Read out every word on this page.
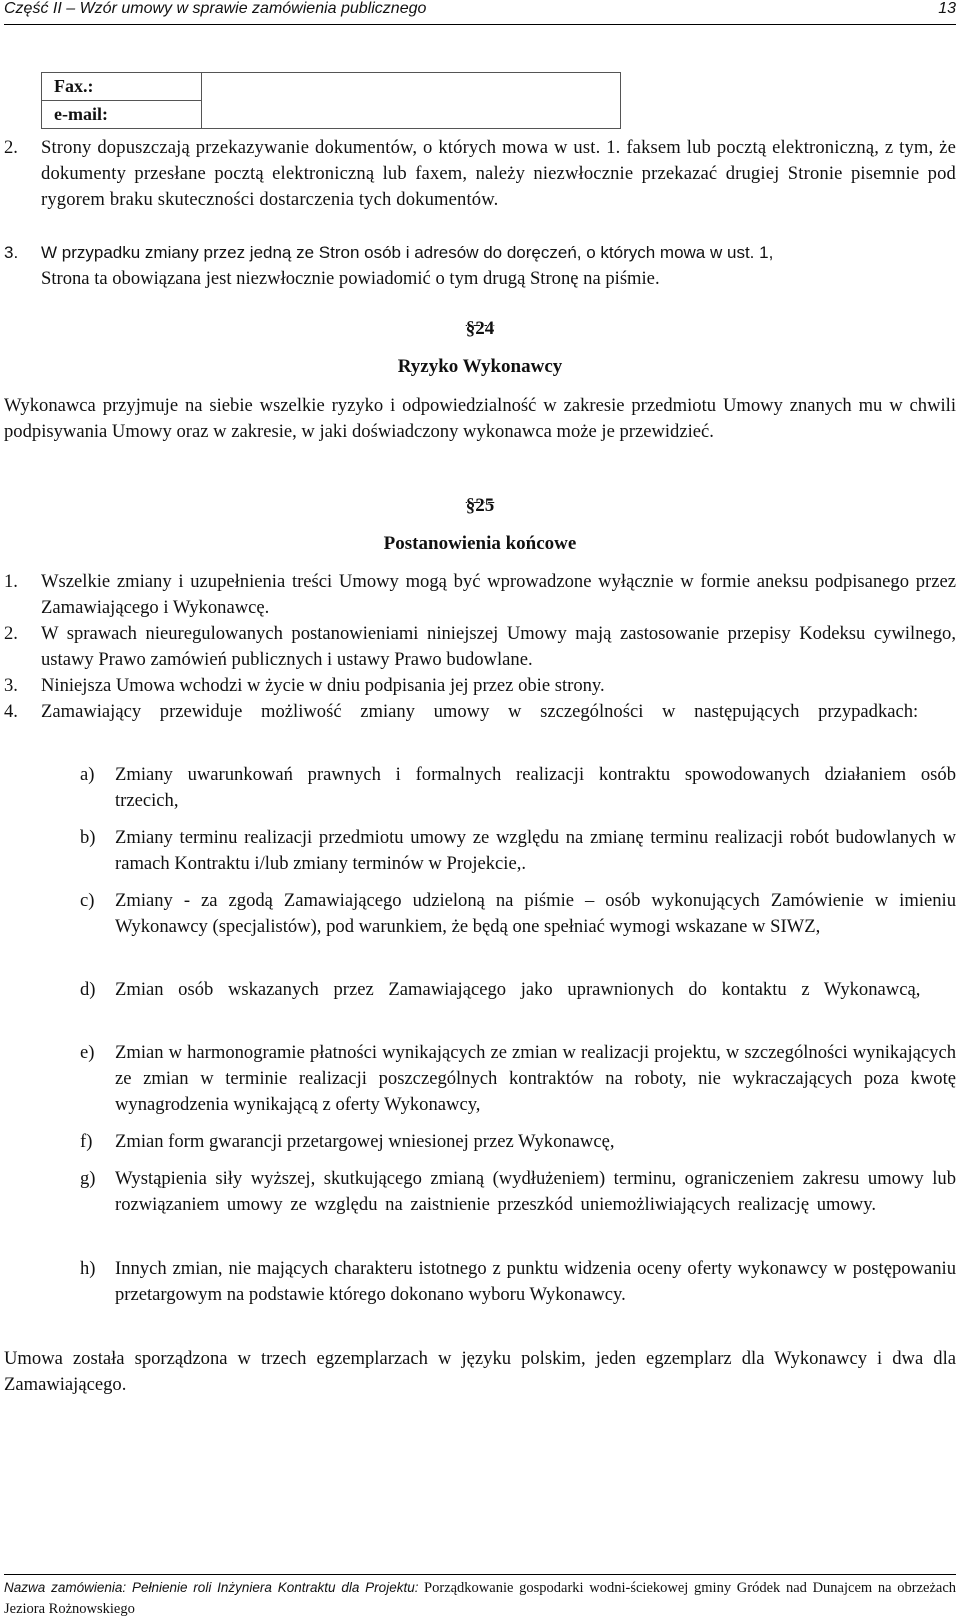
Część II – Wzór umowy w sprawie zamówienia publicznego	13
Fax.:	
e-mail:
2. Strony dopuszczają przekazywanie dokumentów, o których mowa w ust. 1. faksem lub pocztą elektroniczną, z tym, że dokumenty przesłane pocztą elektroniczną lub faxem, należy niezwłocznie przekazać drugiej Stronie pisemnie pod rygorem braku skuteczności dostarczenia tych dokumentów.
3. W przypadku zmiany przez jedną ze Stron osób i adresów do doręczeń, o których mowa w ust. 1,
Strona ta obowiązana jest niezwłocznie powiadomić o tym drugą Stronę na piśmie.
§24
Ryzyko Wykonawcy
Wykonawca przyjmuje na siebie wszelkie ryzyko i odpowiedzialność w zakresie przedmiotu Umowy znanych mu w chwili podpisywania Umowy oraz w zakresie, w jaki doświadczony wykonawca może je przewidzieć.
§25
Postanowienia końcowe
1. Wszelkie zmiany i uzupełnienia treści Umowy mogą być wprowadzone wyłącznie w formie aneksu podpisanego przez Zamawiającego i Wykonawcę.
2. W sprawach nieuregulowanych postanowieniami niniejszej Umowy mają zastosowanie przepisy Kodeksu cywilnego, ustawy Prawo zamówień publicznych i ustawy Prawo budowlane.
3. Niniejsza Umowa wchodzi w życie w dniu podpisania jej przez obie strony.
4. Zamawiający przewiduje możliwość zmiany umowy w szczególności w następujących przypadkach:
a) Zmiany uwarunkowań prawnych i formalnych realizacji kontraktu spowodowanych działaniem osób trzecich,
b) Zmiany terminu realizacji przedmiotu umowy ze względu na zmianę terminu realizacji robót budowlanych w ramach Kontraktu i/lub zmiany terminów w Projekcie,.
c) Zmiany - za zgodą Zamawiającego udzieloną na piśmie – osób wykonujących Zamówienie w imieniu Wykonawcy (specjalistów), pod warunkiem, że będą one spełniać wymogi wskazane w SIWZ,
d) Zmian osób wskazanych przez Zamawiającego jako uprawnionych do kontaktu z Wykonawcą,
e) Zmian w harmonogramie płatności wynikających ze zmian w realizacji projektu, w szczególności wynikających ze zmian w terminie realizacji poszczególnych kontraktów na roboty, nie wykraczających poza kwotę wynagrodzenia wynikającą z oferty Wykonawcy,
f) Zmian form gwarancji przetargowej wniesionej przez Wykonawcę,
g) Wystąpienia siły wyższej, skutkującego zmianą (wydłużeniem) terminu, ograniczeniem zakresu umowy lub rozwiązaniem umowy ze względu na zaistnienie przeszkód uniemożliwiających realizację umowy.
h) Innych zmian, nie mających charakteru istotnego z punktu widzenia oceny oferty wykonawcy w postępowaniu przetargowym na podstawie którego dokonano wyboru Wykonawcy.
Umowa została sporządzona w trzech egzemplarzach w języku polskim, jeden egzemplarz dla Wykonawcy i dwa dla Zamawiającego.
Nazwa zamówienia: Pełnienie roli Inżyniera Kontraktu dla Projektu: Porządkowanie gospodarki wodni-ściekowej gminy Gródek nad Dunajcem na obrzeżach Jeziora Rożnowskiego
